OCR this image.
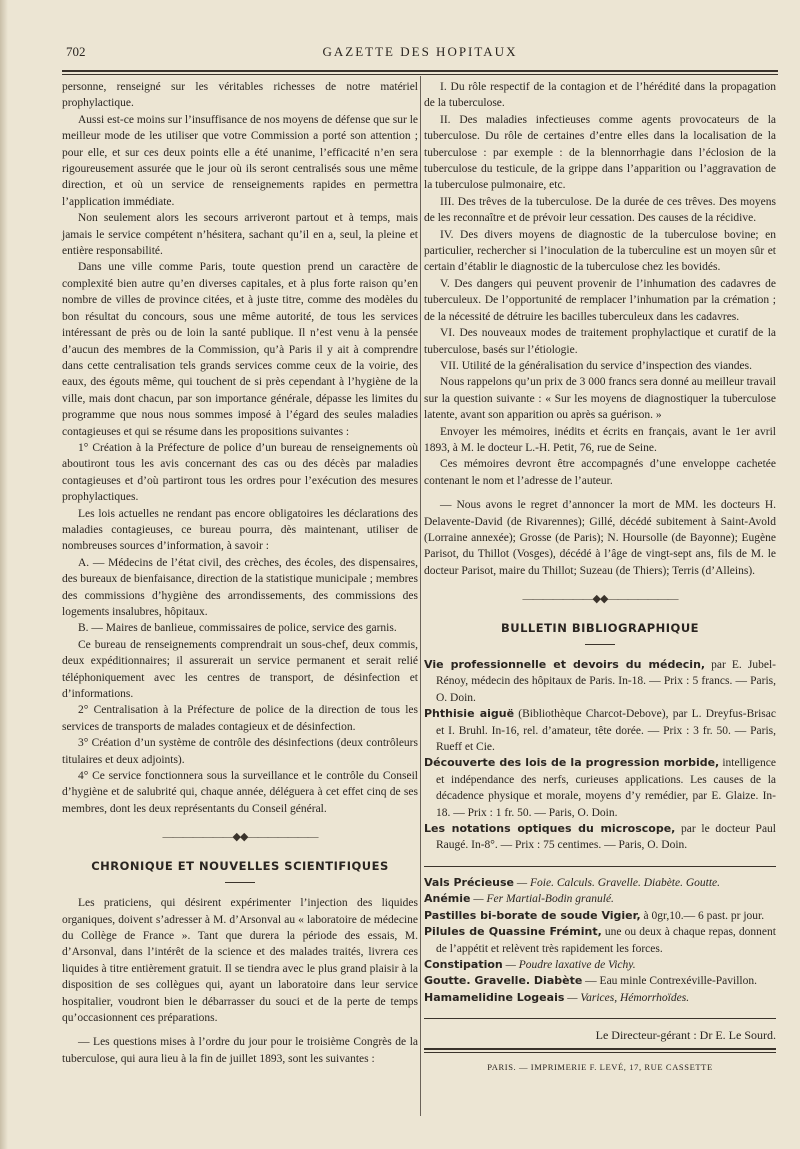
702	GAZETTE DES HOPITAUX

personne, renseigné sur les véritables richesses de notre matériel prophylactique.

Aussi est-ce moins sur l’insuffisance de nos moyens de défense que sur le meilleur mode de les utiliser que votre Commission a porté son attention ; pour elle, et sur ces deux points elle a été unanime, l’efficacité n’en sera rigoureusement assurée que le jour où ils seront centralisés sous une même direction, et où un service de renseignements rapides en permettra l’application immédiate.

Non seulement alors les secours arriveront partout et à temps, mais jamais le service compétent n’hésitera, sachant qu’il en a, seul, la pleine et entière responsabilité.

Dans une ville comme Paris, toute question prend un caractère de complexité bien autre qu’en diverses capitales, et à plus forte raison qu’en nombre de villes de province citées, et à juste titre, comme des modèles du bon résultat du concours, sous une même autorité, de tous les services intéressant de près ou de loin la santé publique. Il n’est venu à la pensée d’aucun des membres de la Commission, qu’à Paris il y ait à comprendre dans cette centralisation tels grands services comme ceux de la voirie, des eaux, des égouts même, qui touchent de si près cependant à l’hygiène de la ville, mais dont chacun, par son importance générale, dépasse les limites du programme que nous nous sommes imposé à l’égard des seules maladies contagieuses et qui se résume dans les propositions suivantes :

1° Création à la Préfecture de police d’un bureau de renseignements où aboutiront tous les avis concernant des cas ou des décès par maladies contagieuses et d’où partiront tous les ordres pour l’exécution des mesures prophylactiques.

Les lois actuelles ne rendant pas encore obligatoires les déclarations des maladies contagieuses, ce bureau pourra, dès maintenant, utiliser de nombreuses sources d’information, à savoir :

A. — Médecins de l’état civil, des crèches, des écoles, des dispensaires, des bureaux de bienfaisance, direction de la statistique municipale ; membres des commissions d’hygiène des arrondissements, des commissions des logements insalubres, hôpitaux.

B. — Maires de banlieue, commissaires de police, service des garnis.

Ce bureau de renseignements comprendrait un sous-chef, deux commis, deux expéditionnaires; il assurerait un service permanent et serait relié téléphoniquement avec les centres de transport, de désinfection et d’informations.

2° Centralisation à la Préfecture de police de la direction de tous les services de transports de malades contagieux et de désinfection.

3° Création d’un système de contrôle des désinfections (deux contrôleurs titulaires et deux adjoints).

4° Ce service fonctionnera sous la surveillance et le contrôle du Conseil d’hygiène et de salubrité qui, chaque année, déléguera à cet effet cinq de ses membres, dont les deux représentants du Conseil général.

———————◆◆———————
CHRONIQUE ET NOUVELLES SCIENTIFIQUES

Les praticiens, qui désirent expérimenter l’injection des liquides organiques, doivent s’adresser à M. d’Arsonval au « laboratoire de médecine du Collège de France ». Tant que durera la période des essais, M. d’Arsonval, dans l’intérêt de la science et des malades traités, livrera ces liquides à titre entièrement gratuit. Il se tiendra avec le plus grand plaisir à la disposition de ses collègues qui, ayant un laboratoire dans leur service hospitalier, voudront bien le débarrasser du souci et de la perte de temps qu’occasionnent ces préparations.

— Les questions mises à l’ordre du jour pour le troisième Congrès de la tuberculose, qui aura lieu à la fin de juillet 1893, sont les suivantes :

I. Du rôle respectif de la contagion et de l’hérédité dans la propagation de la tuberculose.

II. Des maladies infectieuses comme agents provocateurs de la tuberculose. Du rôle de certaines d’entre elles dans la localisation de la tuberculose : par exemple : de la blennorrhagie dans l’éclosion de la tuberculose du testicule, de la grippe dans l’apparition ou l’aggravation de la tuberculose pulmonaire, etc.

III. Des trêves de la tuberculose. De la durée de ces trêves. Des moyens de les reconnaître et de prévoir leur cessation. Des causes de la récidive.

IV. Des divers moyens de diagnostic de la tuberculose bovine; en particulier, rechercher si l’inoculation de la tuberculine est un moyen sûr et certain d’établir le diagnostic de la tuberculose chez les bovidés.

V. Des dangers qui peuvent provenir de l’inhumation des cadavres de tuberculeux. De l’opportunité de remplacer l’inhumation par la crémation ; de la nécessité de détruire les bacilles tuberculeux dans les cadavres.

VI. Des nouveaux modes de traitement prophylactique et curatif de la tuberculose, basés sur l’étiologie.

VII. Utilité de la généralisation du service d’inspection des viandes.

Nous rappelons qu’un prix de 3 000 francs sera donné au meilleur travail sur la question suivante : « Sur les moyens de diagnostiquer la tuberculose latente, avant son apparition ou après sa guérison. »

Envoyer les mémoires, inédits et écrits en français, avant le 1er avril 1893, à M. le docteur L.-H. Petit, 76, rue de Seine.

Ces mémoires devront être accompagnés d’une enveloppe cachetée contenant le nom et l’adresse de l’auteur.

— Nous avons le regret d’annoncer la mort de MM. les docteurs H. Delavente-David (de Rivarennes); Gillé, décédé subitement à Saint-Avold (Lorraine annexée); Grosse (de Paris); N. Hoursolle (de Bayonne); Eugène Parisot, du Thillot (Vosges), décédé à l’âge de vingt-sept ans, fils de M. le docteur Parisot, maire du Thillot; Suzeau (de Thiers); Terris (d’Alleins).

———————◆◆———————
BULLETIN BIBLIOGRAPHIQUE

Vie professionnelle et devoirs du médecin, par E. Jubel-Rénoy, médecin des hôpitaux de Paris. In-18. — Prix : 5 francs. — Paris, O. Doin.

Phthisie aiguë (Bibliothèque Charcot-Debove), par L. Dreyfus-Brisac et I. Bruhl. In-16, rel. d’amateur, tête dorée. — Prix : 3 fr. 50. — Paris, Rueff et Cie.

Découverte des lois de la progression morbide, intelligence et indépendance des nerfs, curieuses applications. Les causes de la décadence physique et morale, moyens d’y remédier, par E. Glaize. In-18. — Prix : 1 fr. 50. — Paris, O. Doin.

Les notations optiques du microscope, par le docteur Paul Raugé. In-8°. — Prix : 75 centimes. — Paris, O. Doin.

Vals Précieuse — Foie. Calculs. Gravelle. Diabète. Goutte.

Anémie — Fer Martial-Bodin granulé.

Pastilles bi-borate de soude Vigier, à 0gr,10.— 6 past. pr jour.

Pilules de Quassine Frémint, une ou deux à chaque repas, donnent de l’appétit et relèvent très rapidement les forces.

Constipation — Poudre laxative de Vichy.

Goutte. Gravelle. Diabète — Eau minle Contrexéville-Pavillon.

Hamamelidine Logeais — Varices, Hémorrhoïdes.

Le Directeur-gérant : Dr E. Le Sourd.
PARIS. — IMPRIMERIE F. LEVÉ, 17, RUE CASSETTE
